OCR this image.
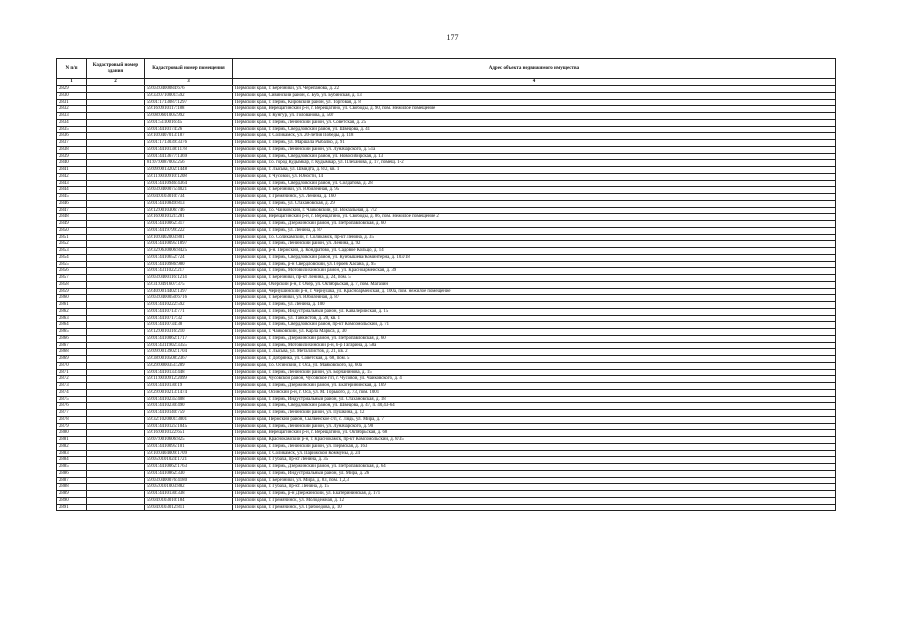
177
N п/п	Кадастровый номер здания	Кадастровый номер помещения	Адрес объекта недвижимого имущества
1	2	3	4
2829		59:03:0400084:676	Пермский край, г. Березники, ул. Черепанова, д. 22
2830		59:33:0710001:592	Пермский край, Сивинский район, с. Буб, ул. Бубинская, д. 13
2831		59:01:1713087:1297	Пермский край, г. Пермь, Кировский район, ул. Торговая, д. 8
2832		59:16:0910117:188	Пермский край, Верещагинский р-н, г. Верещагино, ул. Свободы, д. 90, пом. Нежилое помещение
2833		59:08:0601005:992	Пермский край, г. Кунгур, ул. Голованова, д. 50г
2834		59:01:5110016:45	Пермский край, г. Пермь, Ленинский район, ул. Советская, д. 25
2835		59:01:4410174:26	Пермский край, г. Пермь, Свердловский район, ул. Швецова, д. 41
2836		59:10:0407013:187	Пермский край, г. Соликамск, ул. 20-летия Победы, д. 118
2837		59:01:1713039:3376	Пермский край, г. Пермь, ул. Маршала Рыбалко, д. 91
2838		59:01:4410138:1178	Пермский край, г. Пермь, Ленинский район, ул. Луначарского, д. 51а
2839		59:01:4413677:1369	Пермский край, г. Пермь, Свердловский район, ул. Новосибирская, д. 13
2840		81:07:0087005:256	Пермский край, г.о. город Кудымкар, г. Кудымкар, ул. Плеханова, д. 17, помещ. 1-2
2841		59:09:0013202:1448	Пермский край, г. Лысьва, ул. Шмидта, д. 8/2, кв. 1
2842		59:11:0010910:1208	Пермский край, г. Чусовой, ул. Юности, 14
2843		59:01:4410946:4364	Пермский край, г. Пермь, Свердловский район, ул. Солдатова, д. 28
2844		59:03:0400075:4021	Пермский край, г. Березники, ул. Юбилейная, д. 95
2845		59:04:0103010:734	Пермский край, г. Гремячинск, ул. Ленина, д. 160
2846		59:01:4410849:813	Пермский край, г. Пермь, ул. Стахановская, д. 29
2847		59:12:0010306:746	Пермский край, г.о. Чайковский, г. Чайковский, ул. Вокзальная, д. 7/2
2848		59:16:0010121:281	Пермский край, Верещагинский р-н, г. Верещагино, ул. Свободы, д. 86, пом. Нежилое помещение 2
2849		59:01:4410062:317	Пермский край, г. Пермь, Дзержинский район, ул. Петропавловская, д. 60
2850		59:01:4419799:222	Пермский край, г. Пермь, ул. Ленина, д. 87
2851		59:10:0402003:801	Пермский край, г.о. Соликамский, г. Соликамск, пр-кт Ленина, д. 35
2852		59:01:4410095:1897	Пермский край, г. Пермь, Ленинский район, ул. Ленина, д. 92
2853		59:32:0630006:8425	Пермский край, р-н. Пермский, д. Кондратово, ул. Садовое Кольцо, д. 14
2854		59:01:4410652:724	Пермский край, г. Пермь, Свердловский район, ул. Куйбышева/Коминтерна, д. 103/18
2855		59:01:4410986:980	Пермский край, г. Пермь, р-н Свердловский, ул. Героев Хасана, д. 95
2856		59:01:4311022:217	Пермский край, г. Пермь, Мотовилихинский район, ул. Красноармейская, д. 39
2857		59:03:0400116:1214	Пермский край, г. Березники, пр-кт Ленина, д. 24, пом. 5
2858		59:31:0491607:375	Пермский край, Очерский р-н, г. Очер, ул. Октябрьская, д. 7, пом. Магазин
2859		59:40:0014402:1397	Пермский край, Чернушинский р-н, г. Чернушка, ул. Красноармейская, д. 100а, пом. нежилое помещение
2860		59:03:0400050:6716	Пермский край, г. Березники, ул. Юбилейная, д. 87
2861		59:01:4410222:592	Пермский край, г. Пермь, ул. Ленина, д. 100
2862		59:01:4410713:771	Пермский край, г. Пермь, Индустриальный район, ул. Кавалерийская, д. 15
2863		59:01:4410717:32	Пермский край, г. Пермь, ул. Танкистов, д. 20, кв. 1
2864		59:01:4410734:38	Пермский край, г. Пермь, Свердловский район, пр-кт Комсомольский, д. 71
2865		59:12:0010316:210	Пермский край, г. Чайковский, ул. Карла Маркса, д. 30
2866		59:01:4410062:1717	Пермский край, г. Пермь, Дзержинский район, ул. Петропавловская, д. 60
2867		59:01:4311902:3355	Пермский край, г. Пермь, Мотовилихинский р-н, б-р Гагарина, д. 58а
2868		59:09:0013902:1704	Пермский край, г. Лысьва, ул. Металлистов, д. 21, кв. 2
2869		59:38:0010508:2367	Пермский край, г. Добрянка, ул. Советская, д. 68, пом. 5
2870		59:29:0000351:289	Пермский край, г.о. Осинский, г. Оса, ул. Маяковского, зд. 60а
2871		59:01:4410133:448	Пермский край, г. Пермь, Ленинский район, ул. Борчанинова, д. 15
2872		59:11:0010912:2099	Пермский край, Чусовской район, Чусовское г/п, г. Чусовой, ул. Чайковского, д. 4
2873		59:01:4410130:19	Пермский край, г. Пермь, Дзержинский район, ул. Екатерининская, д. 169
2874		59:29:0010213:1474	Пермский край, Осинский р-н, г. Оса, ул. М. Горького, д. 73, пом. 1001
2875		59:01:4410235:408	Пермский край, г. Пермь, Индустриальный район, ул. Стахановская, д. 18
2876		59:01:4410230:490	Пермский край, г. Пермь, Свердловский район, ул. Швецова, д. 47, п. 40,43-64
2877		59:01:4410140:759	Пермский край, г. Пермь, Ленинский район, ул. Пушкина, д. 12
2878		59:32:1020001:3001	Пермский край, Пермский район, Сылвенское с/п, с. Лядь, ул. Мира, д. 7
2879		59:01:4410125:1045	Пермский край, г. Пермь, Ленинский район, ул. Луначарского, д. 90
2880		59:16:0010122:651	Пермский край, Верещагинский р-н, г. Верещагино, ул. Октябрьская, д. 68
2881		59:07:0010606:825	Пермский край, Краснокамский р-н, г. Краснокамск, пр-кт Комсомольский, д. 8/35
2882		59:01:4410095:101	Пермский край, г. Пермь, Ленинский район, ул. Пермская, д. 163
2883		59:10:0404009:1709	Пермский край, г. Соликамск, ул. Парижской Коммуны, д. 24
2884		59:05:0101024:1721	Пермский край, г. Губаха, пр-кт Ленина, д. 35
2885		59:01:4410062:1763	Пермский край, г. Пермь, Дзержинский район, ул. Петропавловская, д. 64
2886		59:01:4410862:330	Пермский край, г. Пермь, Индустриальный район, ул. Мира, д. 26
2887		59:03:0400076:4180	Пермский край, г. Березники, ул. Мира, д. 83, пом. 1,2,3
2888		59:05:0101003:882	Пермский край, г. Губаха, пр-кт. Ленина, д. 15
2889		59:01:4410130:338	Пермский край, г. Пермь, р-н Дзержинский, ул. Екатерининская, д. 171
2890		59:04:0103010:184	Пермский край, г. Гремячинск, ул. Молодежная, д. 12
2891		59:04:0103012:811	Пермский край, г. Гремячинск, ул. Грибоедова, д. 10
